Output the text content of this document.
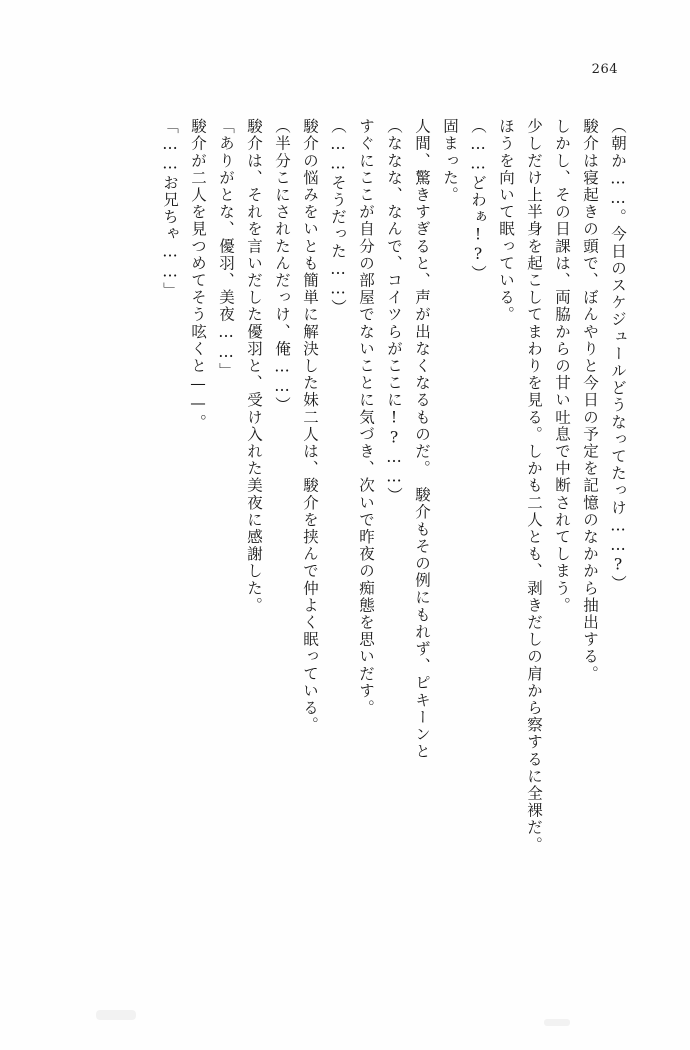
264
（朝か……。今日のスケジュールどうなってたっけ……?）
駿介は寝起きの頭で、ぼんやりと今日の予定を記憶のなかから抽出する。
しかし、その日課は、両脇からの甘い吐息で中断されてしまう。
少しだけ上半身を起こしてまわりを見る。しかも二人とも、剥きだしの肩から察するに全裸だ。
ほうを向いて眠っている。
（……どわぁ!?）
固まった。
人間、驚きすぎると、声が出なくなるものだ。　駿介もその例にもれず、ピキーンと
（ななな、なんで、コイツらがここに!?……）
すぐにここが自分の部屋でないことに気づき、次いで昨夜の痴態を思いだす。
（……そうだった……）
駿介の悩みをいとも簡単に解決した妹二人は、駿介を挟んで仲よく眠っている。
（半分こにされたんだっけ、俺……）
駿介は、それを言いだした優羽と、受け入れた美夜に感謝した。
「ありがとな、優羽、美夜……」
駿介が二人を見つめてそう呟くと——。
「……お兄ちゃ……」
